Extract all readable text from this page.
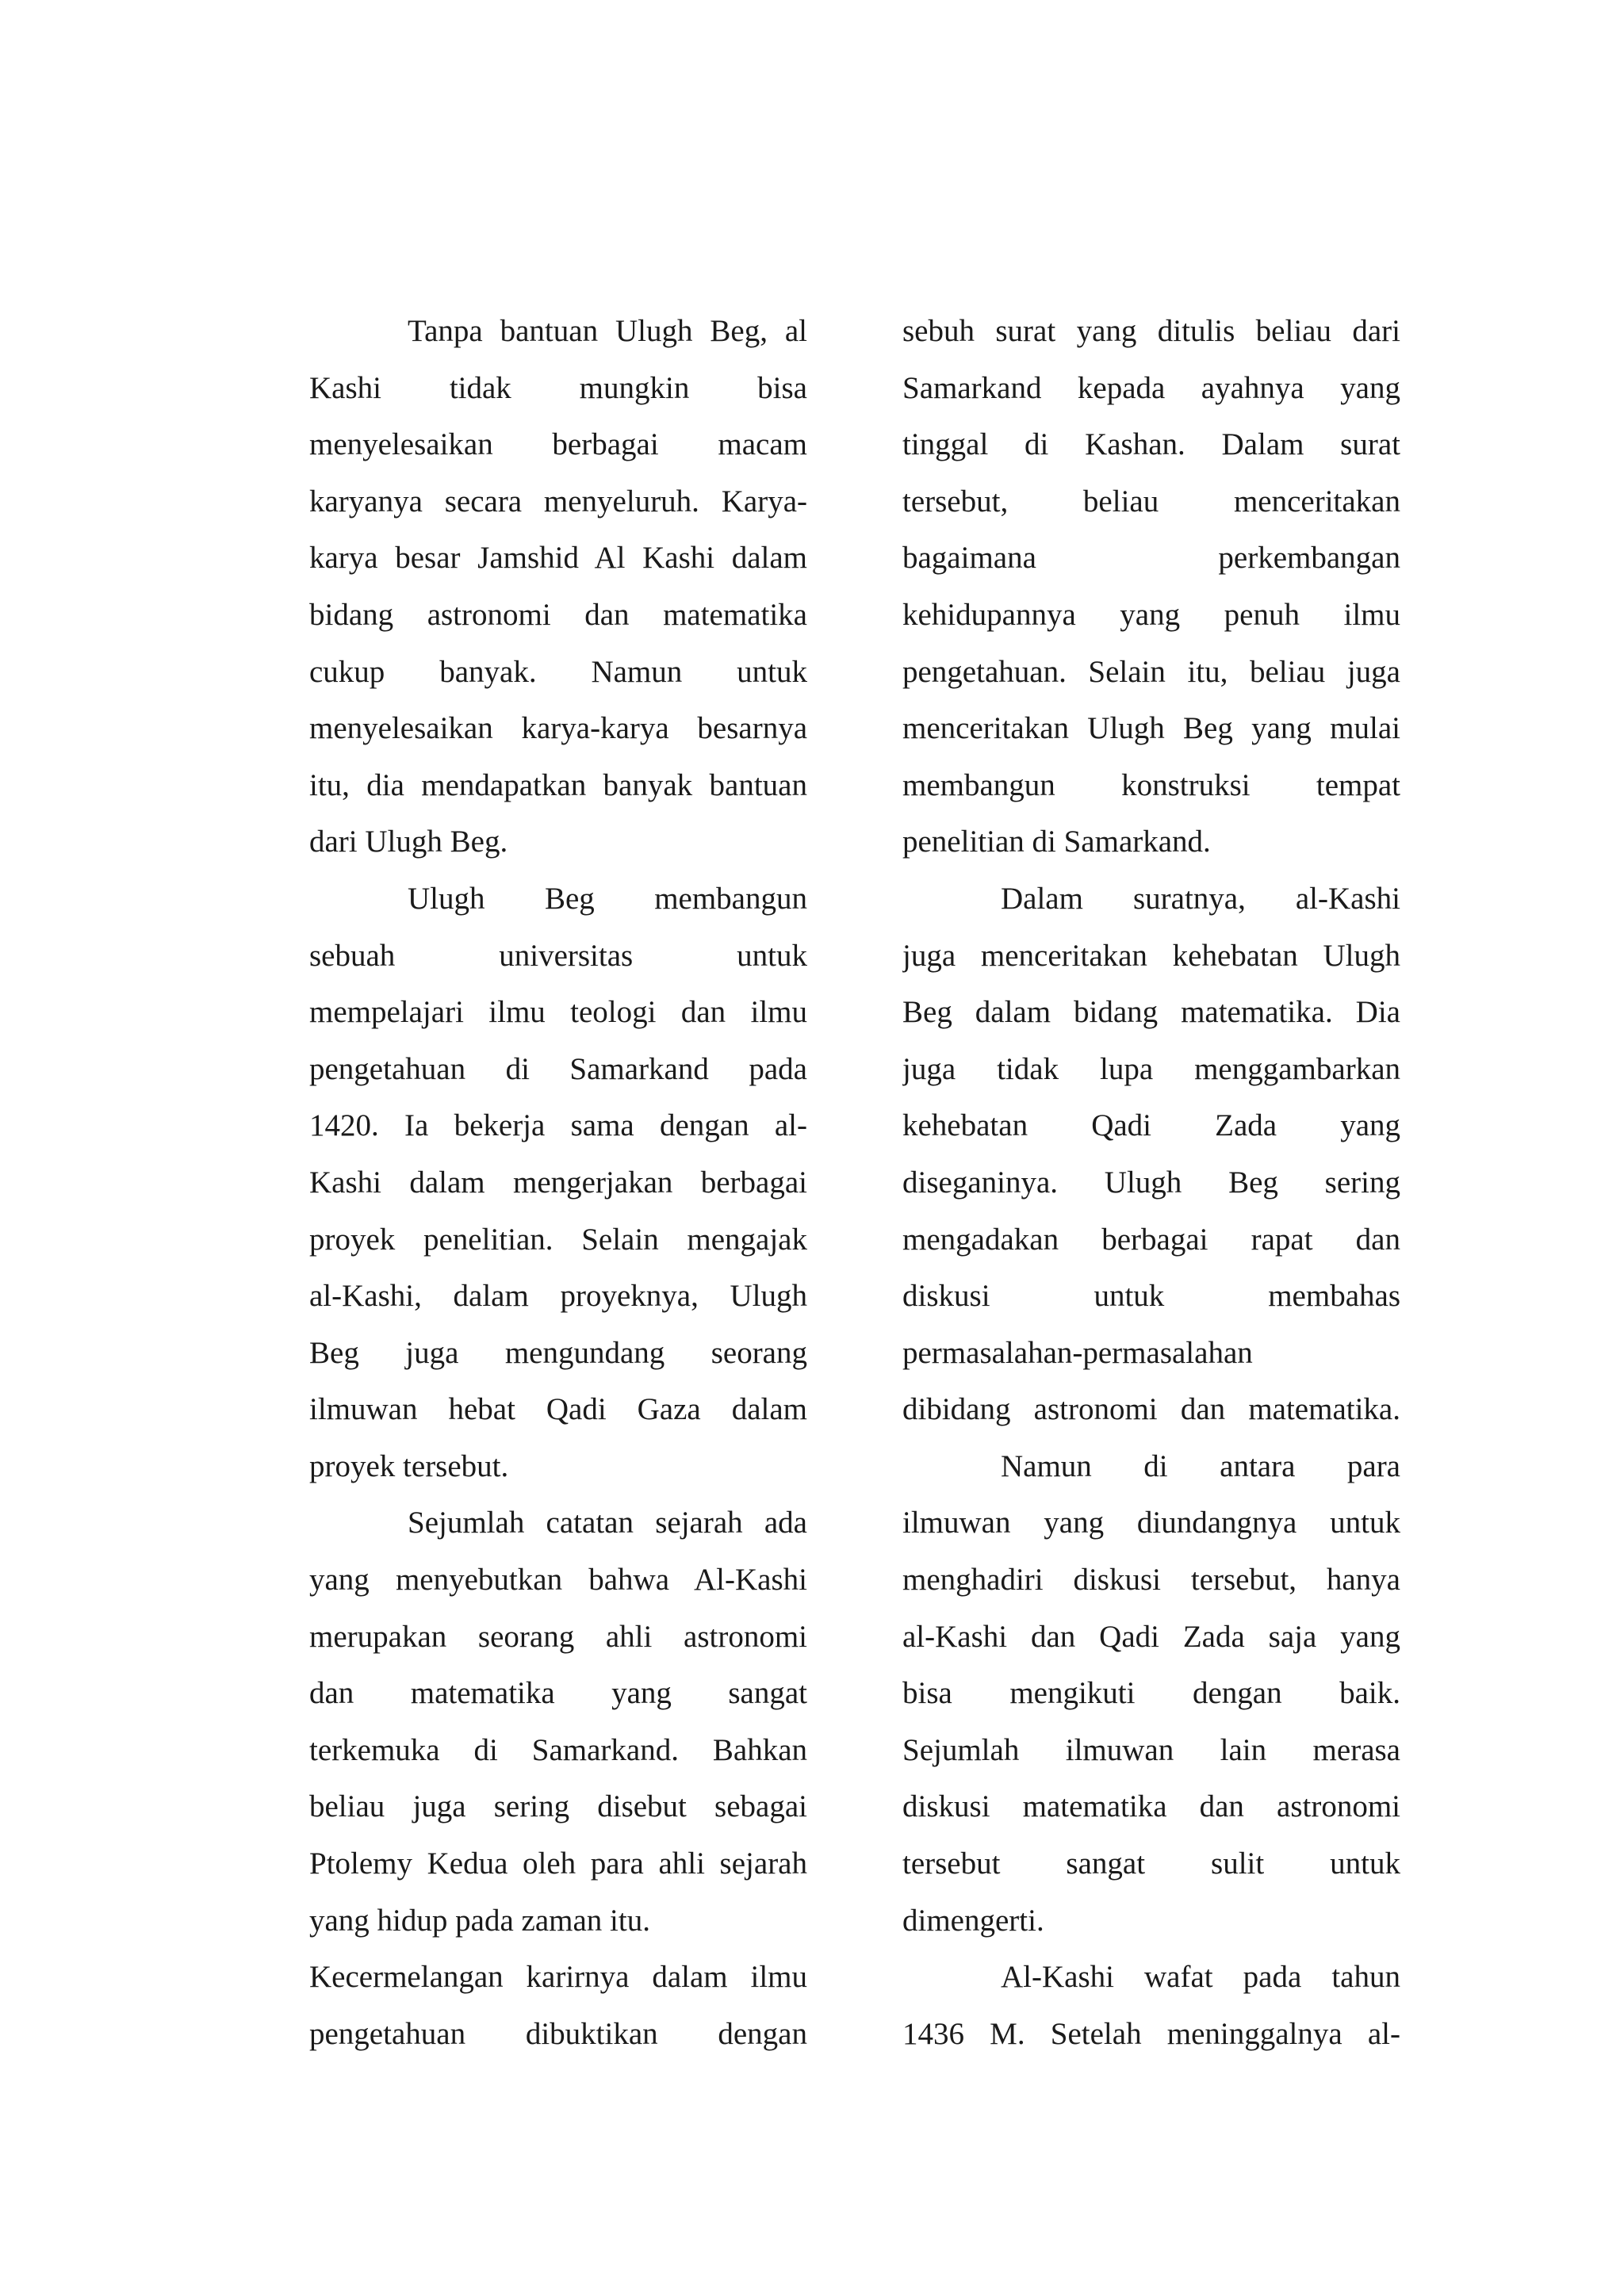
Tanpa bantuan Ulugh Beg, al
Kashi tidak mungkin bisa
menyelesaikan berbagai macam
karyanya secara menyeluruh. Karya-
karya besar Jamshid Al Kashi dalam
bidang astronomi dan matematika
cukup banyak. Namun untuk
menyelesaikan karya-karya besarnya
itu, dia mendapatkan banyak bantuan
dari Ulugh Beg.
Ulugh Beg membangun
sebuah universitas untuk
mempelajari ilmu teologi dan ilmu
pengetahuan di Samarkand pada
1420. Ia bekerja sama dengan al-
Kashi dalam mengerjakan berbagai
proyek penelitian. Selain mengajak
al-Kashi, dalam proyeknya, Ulugh
Beg juga mengundang seorang
ilmuwan hebat Qadi Gaza dalam
proyek tersebut.
Sejumlah catatan sejarah ada
yang menyebutkan bahwa Al-Kashi
merupakan seorang ahli astronomi
dan matematika yang sangat
terkemuka di Samarkand. Bahkan
beliau juga sering disebut sebagai
Ptolemy Kedua oleh para ahli sejarah
yang hidup pada zaman itu.
Kecermelangan karirnya dalam ilmu
pengetahuan dibuktikan dengan
sebuh surat yang ditulis beliau dari
Samarkand kepada ayahnya yang
tinggal di Kashan. Dalam surat
tersebut, beliau menceritakan
bagaimana perkembangan
kehidupannya yang penuh ilmu
pengetahuan. Selain itu, beliau juga
menceritakan Ulugh Beg yang mulai
membangun konstruksi tempat
penelitian di Samarkand.
Dalam suratnya, al-Kashi
juga menceritakan kehebatan Ulugh
Beg dalam bidang matematika. Dia
juga tidak lupa menggambarkan
kehebatan Qadi Zada yang
diseganinya. Ulugh Beg sering
mengadakan berbagai rapat dan
diskusi untuk membahas
permasalahan-permasalahan
dibidang astronomi dan matematika.
Namun di antara para
ilmuwan yang diundangnya untuk
menghadiri diskusi tersebut, hanya
al-Kashi dan Qadi Zada saja yang
bisa mengikuti dengan baik.
Sejumlah ilmuwan lain merasa
diskusi matematika dan astronomi
tersebut sangat sulit untuk
dimengerti.
Al-Kashi wafat pada tahun
1436 M. Setelah meninggalnya al-
